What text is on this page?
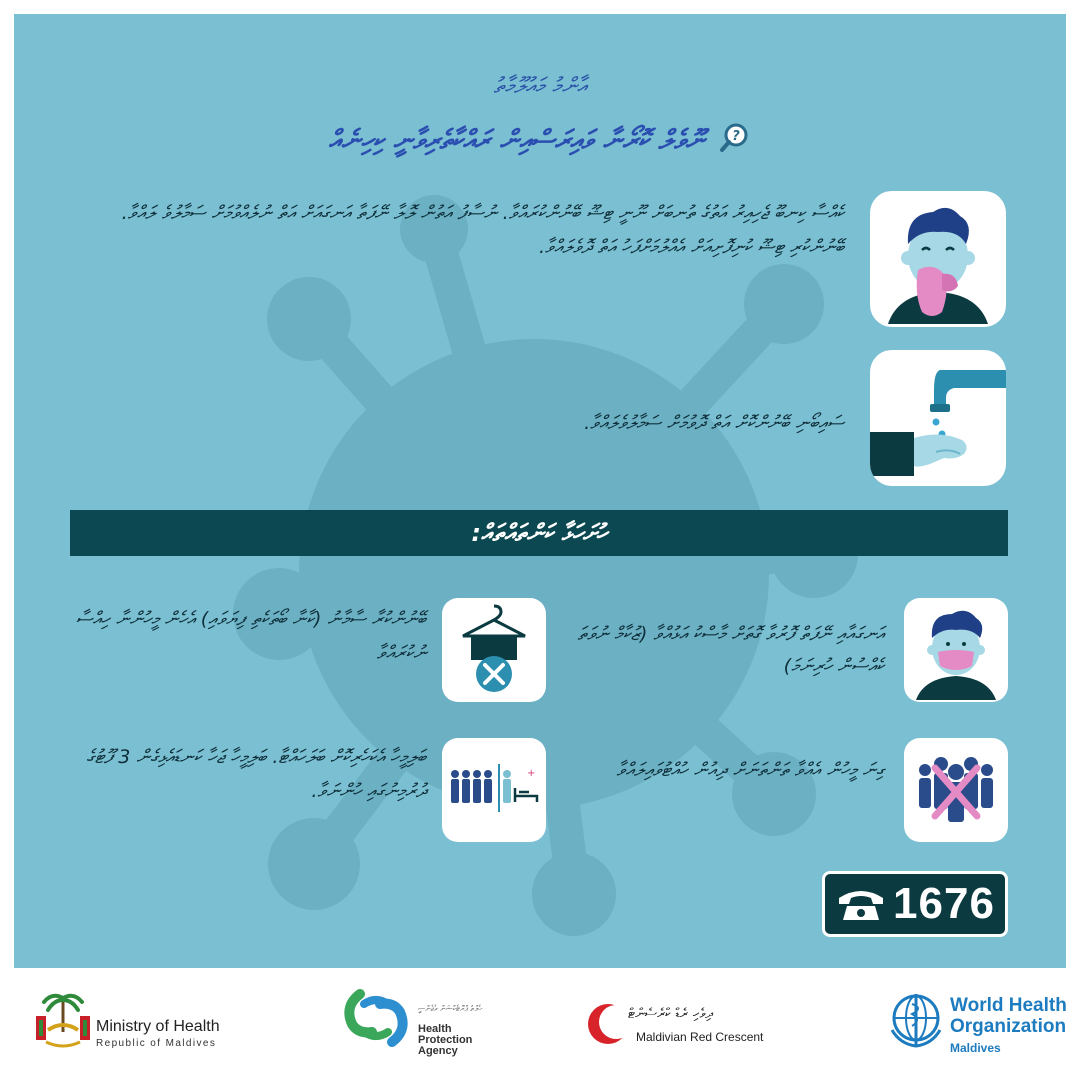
އާންމު މައުލޫމާތު
ނޫވެލް ކޮރޯނާ ވައިރަސްއިން ރައްކާތެރިވާނީ ކިހިނެއް ?
ކެއްސާ ކިނބޫ ޖެހިއިރު އަތުގެ ތުނބަށް ނޫނީ ޓިޝޫ ބޭނުންކުރައްވާ. ނުސާފު އަތުން ލޮލާ ނޭފަތާ އަނގައަށް އަތް ނުލެއްވުމަށް ސަމާލުވެ ލައްވާ. ބޭނުންކުރި ޓިޝޫ ކުނިފޮށިއަށް އެއްލުމަށްފަހު އަތް ދޮވެލައްވާ.
ސައިބޯނި ބޭނުންކޮށް އަތް ދޮވުމަށް ސަމާލުވެލައްވާ.
ހުށަހަޅާ ކަންތައްތައް:
އަނގައާއި ނޭފަތް ފޮރުވާ ގޮތަށް މާސްކު އަޅުއްވާ (ޒުކާމް ނުވަތަ ކެއްސުން ހުރިނަމަ)
ބޭނުންކުރާ ސާމާނު (ކާނާ ބޯތަކެތި ފިޔަވައި) އެހެން މީހުންނާ ހިއްސާ ނުކުރައްވާ
ގިނަ މީހުން އެއްވާ ތަންތަނަށް ދިއުން ހުއްޓުވައިލައްވާ
+
ބަލިމީހާ އެކަހެރިކޮށް ބަލަހައްޓާ. ބަލިމީހާ ޖަހާ ކަނޑައެޅިގެން 3 ފޫޓުގެ ދުރުމިނުގައި ހުންނަވާ.
1676
Ministry of Health
Republic of Maldives
ހެލްތު ޕްރޮޓެކްޝަން އެޖެންސީ
Health
Protection
Agency
ދިވެހި ރެޑް ކްރެސެންޓް
Maldivian Red Crescent
World Health
Organization
Maldives
